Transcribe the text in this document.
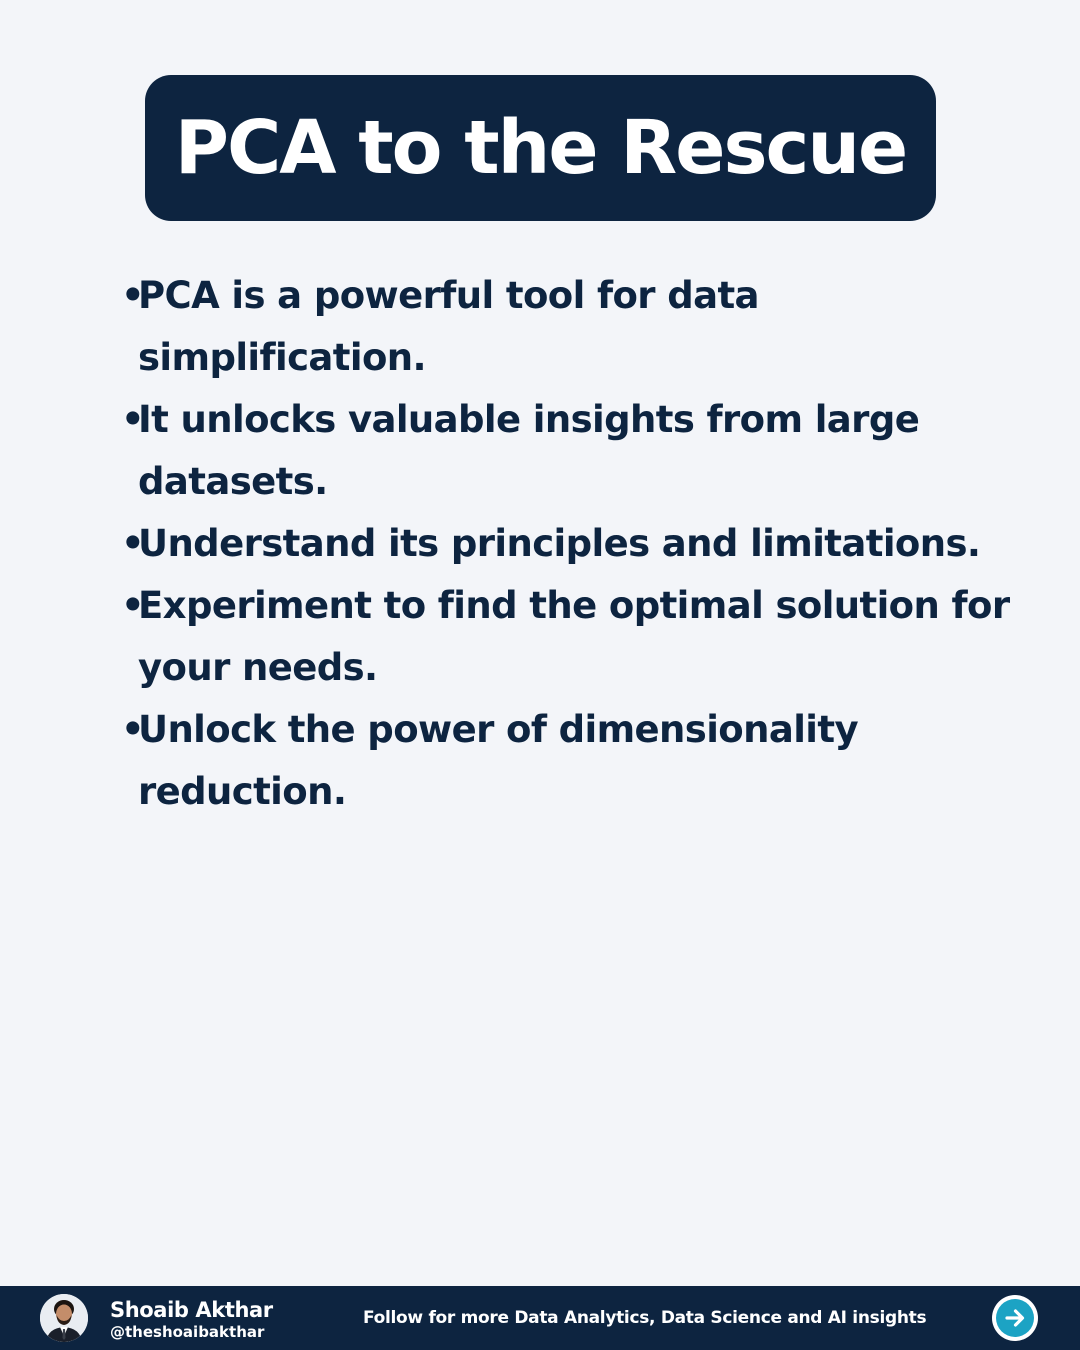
PCA to the Rescue
•
PCA is a powerful tool for data simplification.
•
It unlocks valuable insights from large datasets.
•
Understand its principles and limitations.
•
Experiment to find the optimal solution for your needs.
•
Unlock the power of dimensionality reduction.
Shoaib Akthar
@theshoaibakthar
Follow for more Data Analytics, Data Science and AI insights
